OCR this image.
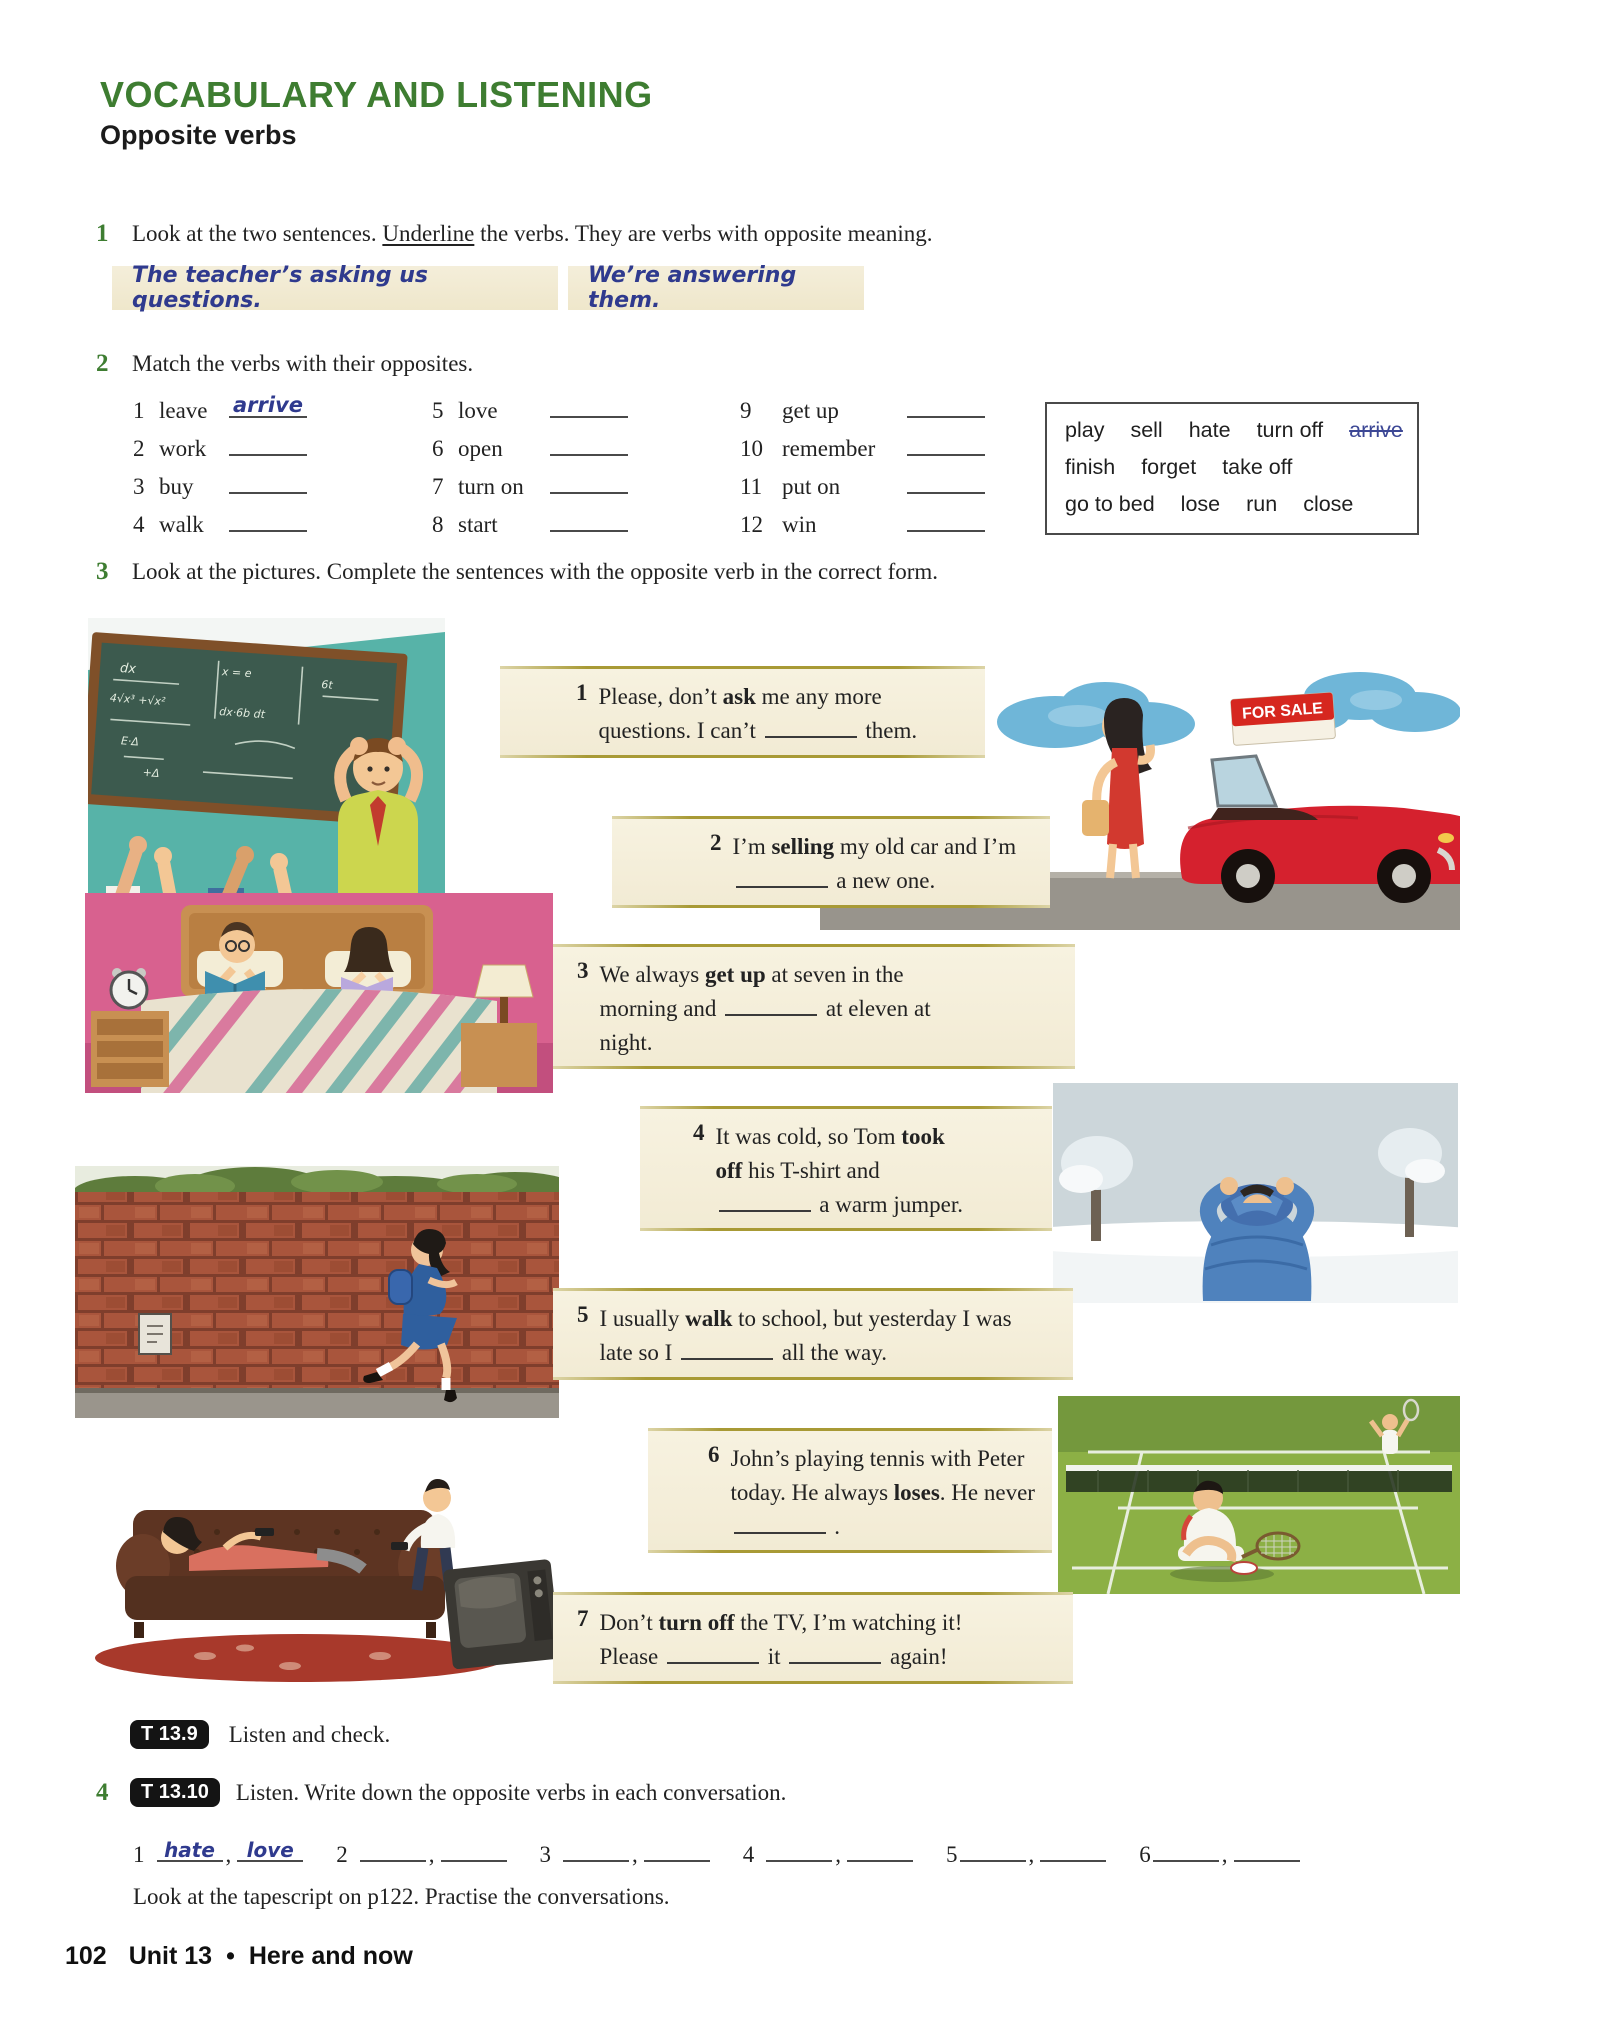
VOCABULARY AND LISTENING
Opposite verbs
1	Look at the two sentences. Underline the verbs. They are verbs with opposite meaning.
The teacher’s asking us questions.
We’re answering them.
2	Match the verbs with their opposites.
1 leave	arrive
2 work
3 buy
4 walk
5 love
6 open
7 turn on
8 start
9	get up
10 remember
11 put on
12 win
play sell hate turn off arrive
finish forget take off
go to bed lose run close
3	Look at the pictures. Complete the sentences with the opposite verb in the correct form.
dx
4√x³ +√x²
x = e
dx·6b dt
6t
E·Δ
+Δ
FOR SALE
1 Please, don’t ask me any more questions. I can’t	them.
2 I’m selling my old car and I’m  a new one.
3 We always get up at seven in the morning and	at eleven at night.
4 It was cold, so Tom took off his T-shirt and  a warm jumper.
5 I usually walk to school, but yesterday I was late so I	all the way.
6 John’s playing tennis with Peter today. He always loses. He never  .
7 Don’t turn off the TV, I’m watching it! Please	it	again!
T 13.9	Listen and check.
4	T 13.10	Listen. Write down the opposite verbs in each conversation.
1 hate , love	2	,	3	,	4	,	5	,	6	,
Look at the tapescript on p122. Practise the conversations.
102 Unit 13 • Here and now
